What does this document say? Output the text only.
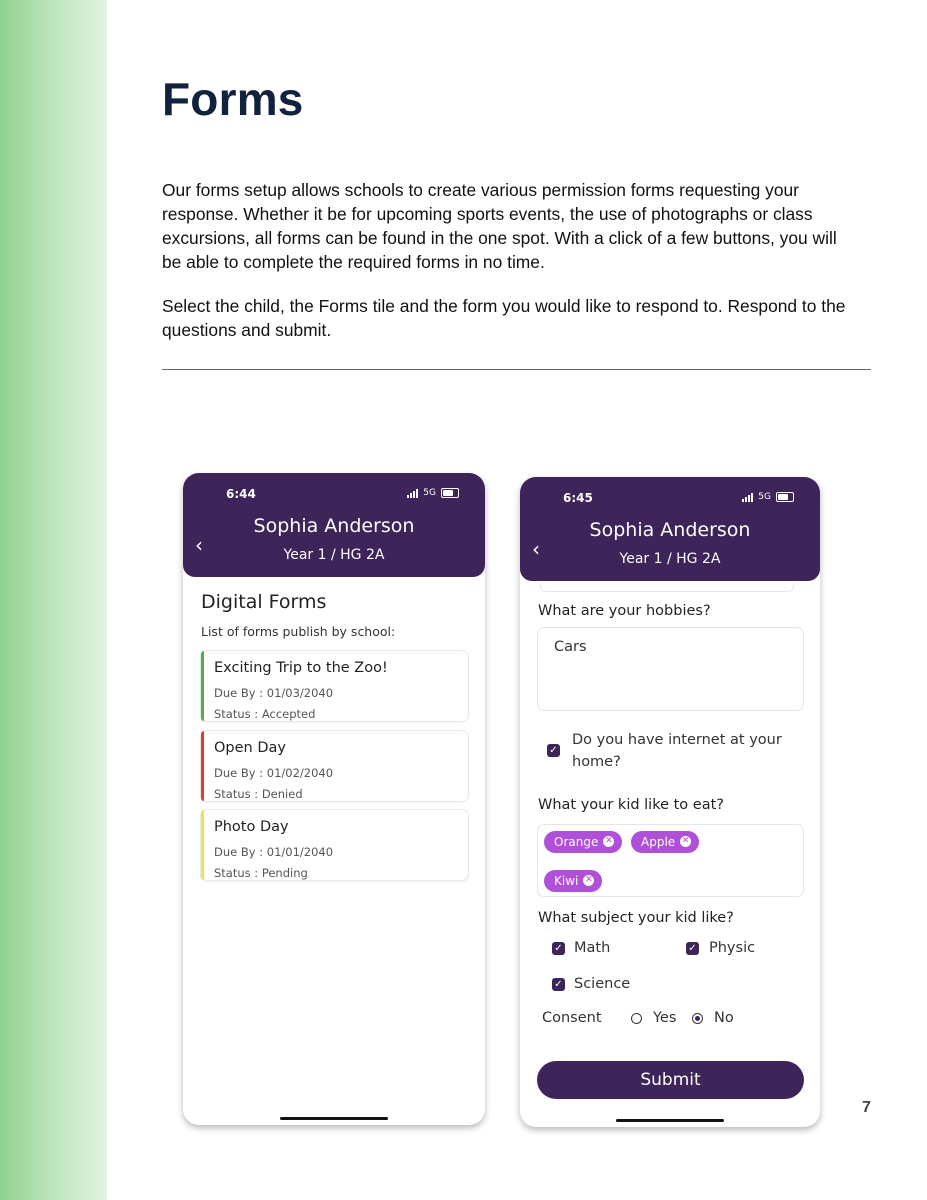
Forms

Our forms setup allows schools to create various permission forms requesting your response. Whether it be for upcoming sports events, the use of photographs or class excursions, all forms can be found in the one spot. With a click of a few buttons, you will be able to complete the required forms in no time.

Select the child, the Forms tile and the form you would like to respond to. Respond to the questions and submit.

6:44	5G
‹
Sophia Anderson
Year 1 / HG 2A
Digital Forms
List of forms publish by school:
Exciting Trip to the Zoo!
Due By : 01/03/2040
Status : Accepted
Open Day
Due By : 01/02/2040
Status : Denied
Photo Day
Due By : 01/01/2040
Status : Pending
6:45	5G
‹
Sophia Anderson
Year 1 / HG 2A
What are your hobbies?
Cars
✓
Do you have internet at your home?
What your kid like to eat?
Orange ✕	Apple ✕
Kiwi ✕
What subject your kid like?
✓ Math	✓ Physic
✓ Science
Consent	Yes	No
Submit
7
